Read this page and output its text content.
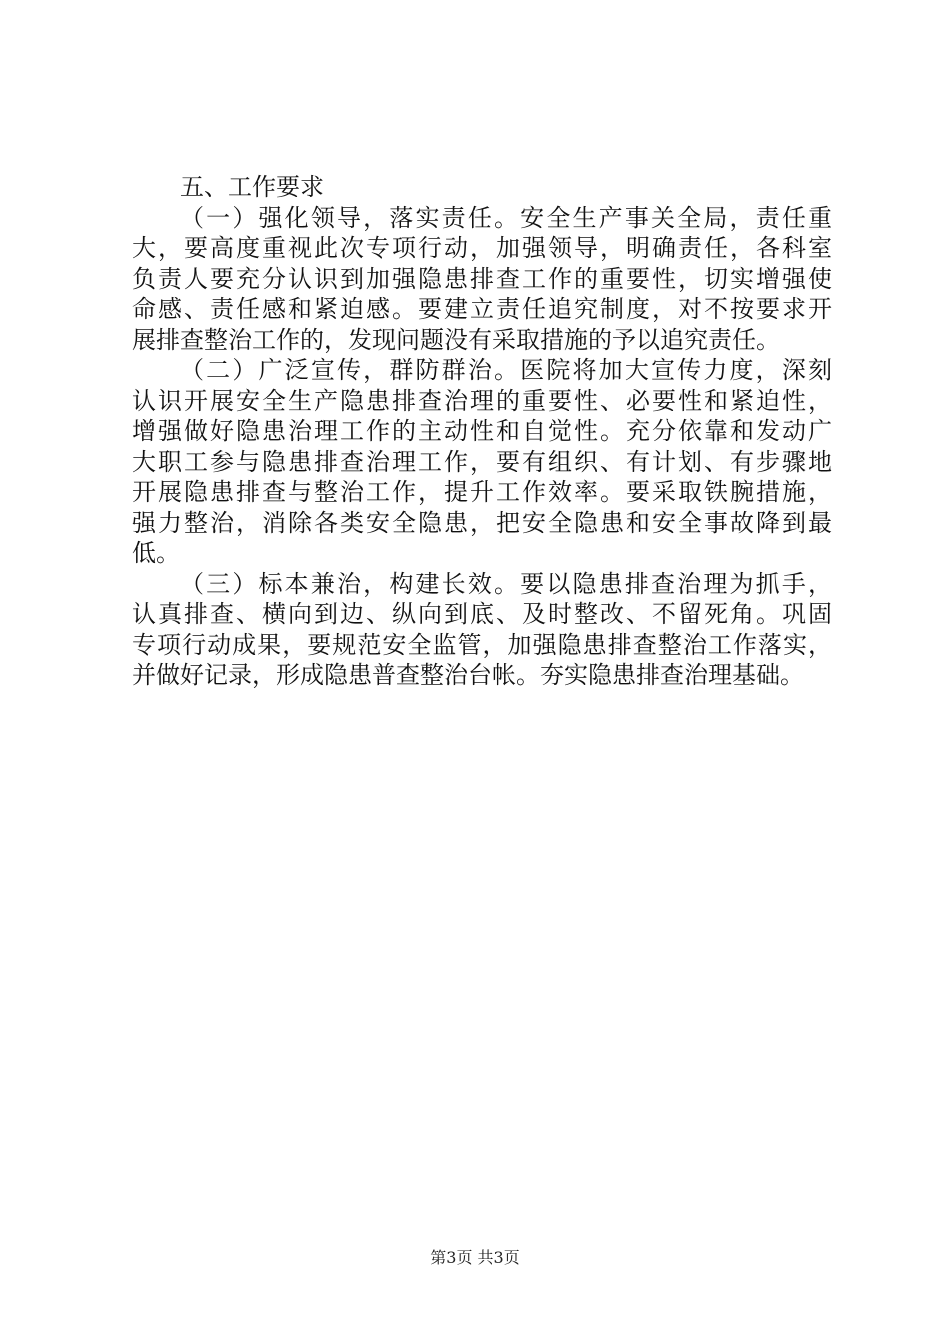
五、工作要求

（一）强化领导，落实责任。安全生产事关全局，责任重
大，要高度重视此次专项行动，加强领导，明确责任，各科室
负责人要充分认识到加强隐患排查工作的重要性，切实增强使
命感、责任感和紧迫感。要建立责任追究制度，对不按要求开
展排查整治工作的，发现问题没有采取措施的予以追究责任。

（二）广泛宣传，群防群治。医院将加大宣传力度，深刻
认识开展安全生产隐患排查治理的重要性、必要性和紧迫性，
增强做好隐患治理工作的主动性和自觉性。充分依靠和发动广
大职工参与隐患排查治理工作，要有组织、有计划、有步骤地
开展隐患排查与整治工作，提升工作效率。要采取铁腕措施，
强力整治，消除各类安全隐患，把安全隐患和安全事故降到最
低。

（三）标本兼治，构建长效。要以隐患排查治理为抓手，
认真排查、横向到边、纵向到底、及时整改、不留死角。巩固
专项行动成果，要规范安全监管，加强隐患排查整治工作落实，
并做好记录，形成隐患普查整治台帐。夯实隐患排查治理基础。

第3页 共3页
